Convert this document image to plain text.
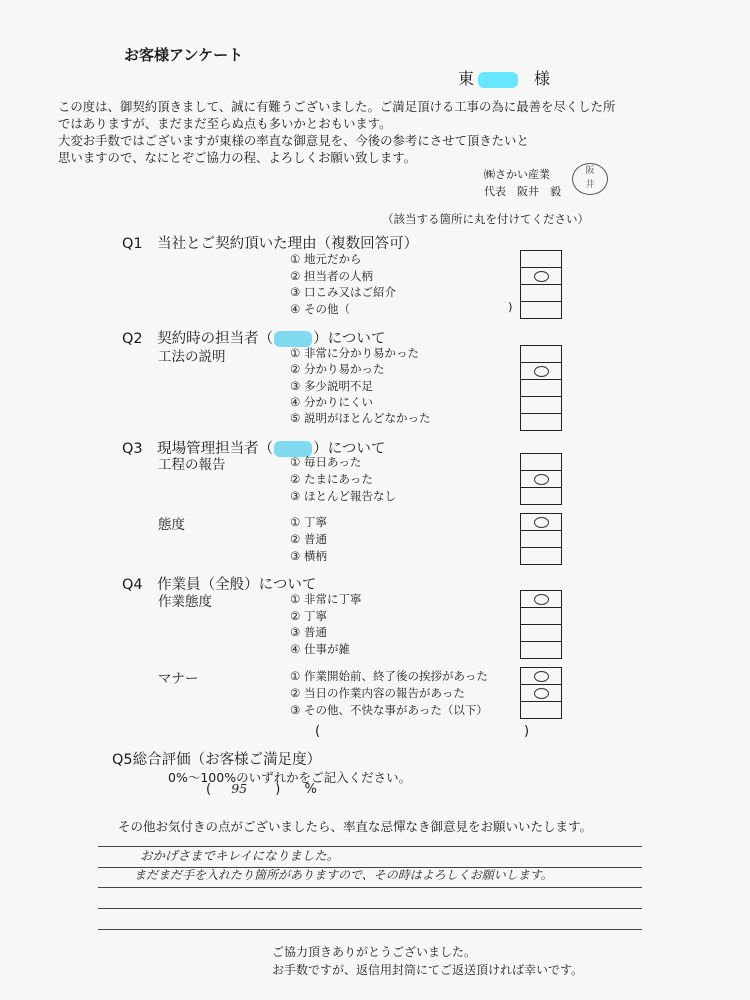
お客様アンケート
東	様
この度は、御契約頂きまして、誠に有難うございました。ご満足頂ける工事の為に最善を尽くした所
ではありますが、まだまだ至らぬ点も多いかとおもいます。
大変お手数ではございますが東様の率直な御意見を、今後の参考にさせて頂きたいと
思いますので、なにとぞご協力の程、よろしくお願い致します。
㈱さかい産業
代表　阪井　毅
阪
井
（該当する箇所に丸を付けてください）
Q1　当社とご契約頂いた理由（複数回答可）
① 地元だから
② 担当者の人柄
③ 口こみ又はご紹介
④ その他（	)
Q2　契約時の担当者（	）について
工法の説明	① 非常に分かり易かった
② 分かり易かった
③ 多少説明不足
④ 分かりにくい
⑤ 説明がほとんどなかった
Q3　現場管理担当者（	）について
工程の報告	① 毎日あった
② たまにあった
③ ほとんど報告なし
態度	① 丁寧
② 普通
③ 横柄
Q4　作業員（全般）について
作業態度	① 非常に丁寧
② 丁寧
③ 普通
④ 仕事が雑
マナー	① 作業開始前、終了後の挨拶があった
② 当日の作業内容の報告があった
③ その他、不快な事があった（以下）
(	)
Q5総合評価（お客様ご満足度）
0%～100%のいずれかをご記入ください。
( 95 ) %
その他お気付きの点がございましたら、率直な忌憚なき御意見をお願いいたします。
おかげさまでキレイになりました。
まだまだ手を入れたり箇所がありますので、その時はよろしくお願いします。
ご協力頂きありがとうございました。
お手数ですが、返信用封筒にてご返送頂ければ幸いです。
